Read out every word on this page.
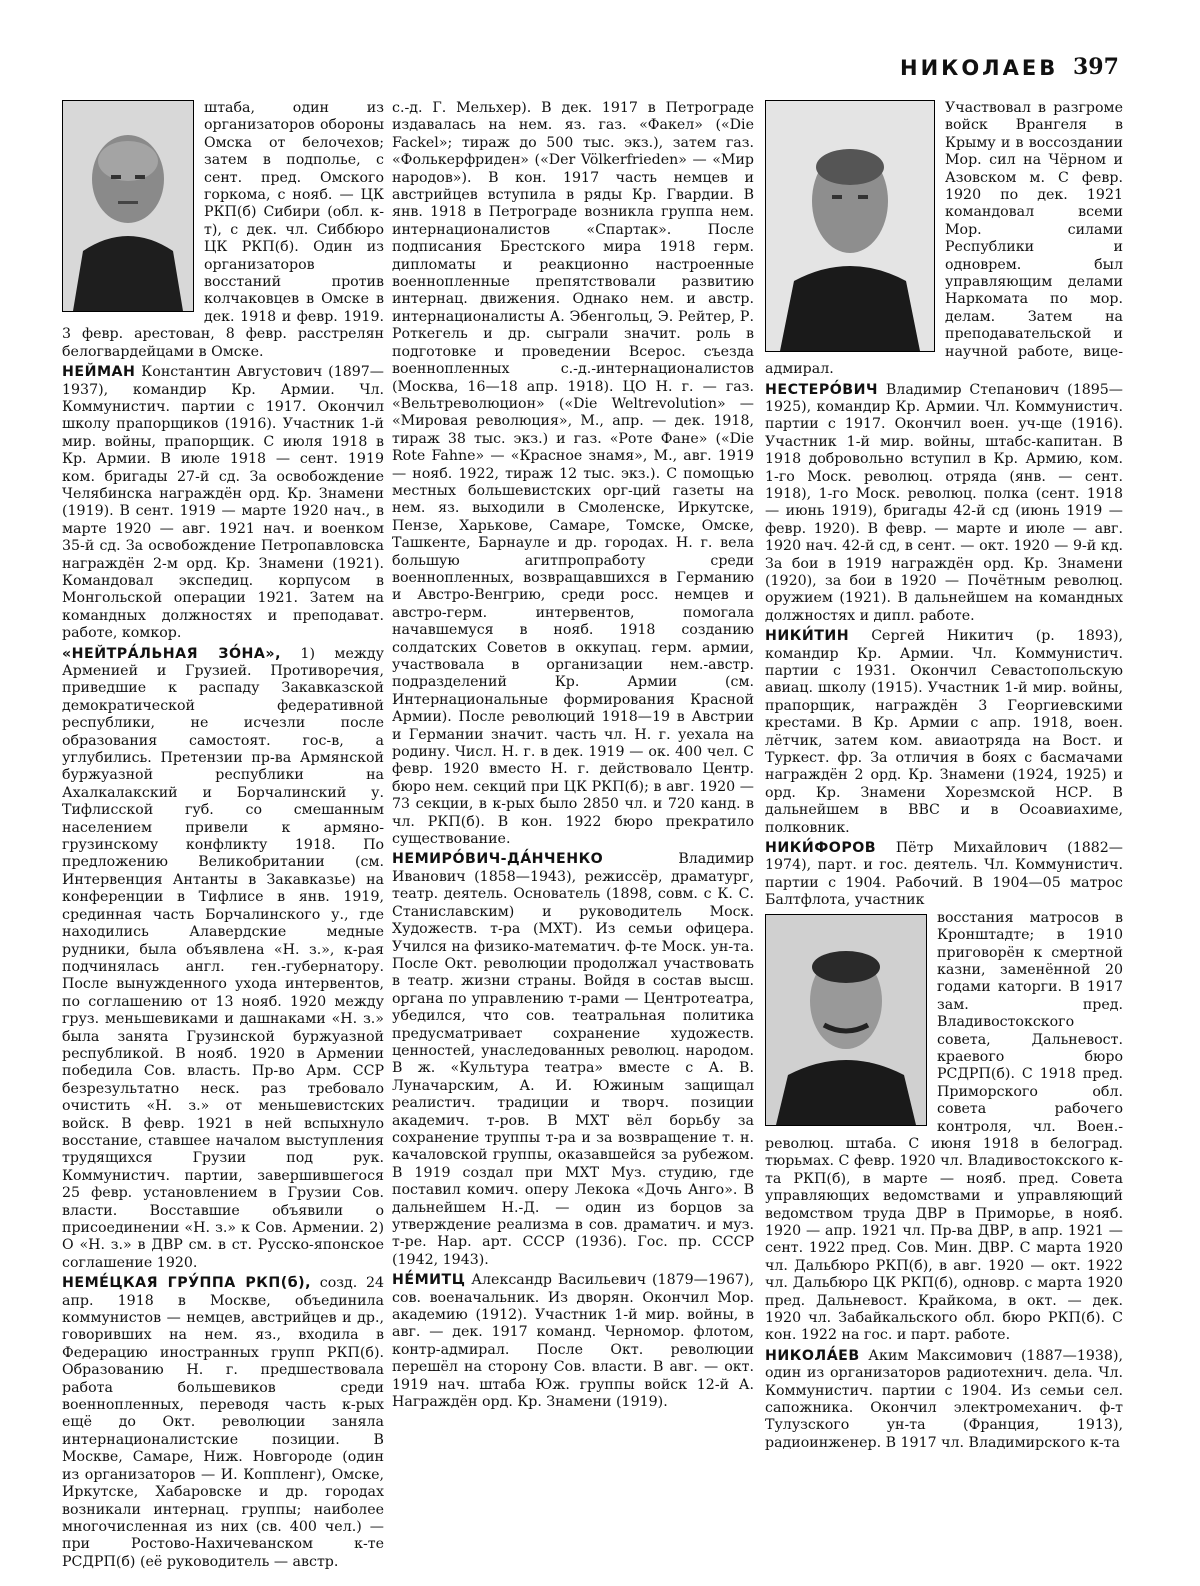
НИКОЛАЕВ 397

штаба, один из организаторов обороны Омска от белочехов; затем в подполье, с сент. пред. Омского горкома, с нояб. — ЦК РКП(б) Сибири (обл. к-т), с дек. чл. Сиббюро ЦК РКП(б). Один из организаторов восстаний против колчаковцев в Омске в дек. 1918 и февр. 1919. 3 февр. арестован, 8 февр. расстрелян белогвардейцами в Омске.

НЕЙМАН Константин Августович (1897—1937), командир Кр. Армии. Чл. Коммунистич. партии с 1917. Окончил школу прапорщиков (1916). Участник 1-й мир. войны, прапорщик. С июля 1918 в Кр. Армии. В июле 1918 — сент. 1919 ком. бригады 27-й сд. За освобождение Челябинска награждён орд. Кр. Знамени (1919). В сент. 1919 — марте 1920 нач., в марте 1920 — авг. 1921 нач. и военком 35-й сд. За освобождение Петропавловска награждён 2-м орд. Кр. Знамени (1921). Командовал экспедиц. корпусом в Монгольской операции 1921. Затем на командных должностях и преподават. работе, комкор.

«НЕЙТРА́ЛЬНАЯ ЗО́НА», 1) между Арменией и Грузией. Противоречия, приведшие к распаду Закавказской демократической федеративной республики, не исчезли после образования самостоят. гос-в, а углубились. Претензии пр-ва Армянской буржуазной республики на Ахалкалакский и Борчалинский у. Тифлисской губ. со смешанным населением привели к армяно-грузинскому конфликту 1918. По предложению Великобритании (см. Интервенция Антанты в Закавказье) на конференции в Тифлисе в янв. 1919, срединная часть Борчалинского у., где находились Алавердские медные рудники, была объявлена «Н. з.», к-рая подчинялась англ. ген.-губернатору. После вынужденного ухода интервентов, по соглашению от 13 нояб. 1920 между груз. меньшевиками и дашнаками «Н. з.» была занята Грузинской буржуазной республикой. В нояб. 1920 в Армении победила Сов. власть. Пр-во Арм. ССР безрезультатно неск. раз требовало очистить «Н. з.» от меньшевистских войск. В февр. 1921 в ней вспыхнуло восстание, ставшее началом выступления трудящихся Грузии под рук. Коммунистич. партии, завершившегося 25 февр. установлением в Грузии Сов. власти. Восставшие объявили о присоединении «Н. з.» к Сов. Армении. 2) О «Н. з.» в ДВР см. в ст. Русско-японское соглашение 1920.

НЕМЕ́ЦКАЯ ГРУ́ППА РКП(б), созд. 24 апр. 1918 в Москве, объединила коммунистов — немцев, австрийцев и др., говоривших на нем. яз., входила в Федерацию иностранных групп РКП(б). Образованию Н. г. предшествовала работа большевиков среди военнопленных, переводя часть к-рых ещё до Окт. революции заняла интернационалистские позиции. В Москве, Самаре, Ниж. Новгороде (один из организаторов — И. Коппленг), Омске, Иркутске, Хабаровске и др. городах возникали интернац. группы; наиболее многочисленная из них (св. 400 чел.) — при Ростово-Нахичеванском к-те РСДРП(б) (её руководитель — австр.

с.-д. Г. Мельхер). В дек. 1917 в Петрограде издавалась на нем. яз. газ. «Факел» («Die Fackel»; тираж до 500 тыс. экз.), затем газ. «Фолькерфриден» («Der Völkerfrieden» — «Мир народов»). В кон. 1917 часть немцев и австрийцев вступила в ряды Кр. Гвардии. В янв. 1918 в Петрограде возникла группа нем. интернационалистов «Спартак». После подписания Брестского мира 1918 герм. дипломаты и реакционно настроенные военнопленные препятствовали развитию интернац. движения. Однако нем. и австр. интернационалисты А. Эбенгольц, Э. Рейтер, Р. Роткегель и др. сыграли значит. роль в подготовке и проведении Всерос. съезда военнопленных с.-д.-интернационалистов (Москва, 16—18 апр. 1918). ЦО Н. г. — газ. «Вельтреволюцион» («Die Weltrevolution» — «Мировая революция», М., апр. — дек. 1918, тираж 38 тыс. экз.) и газ. «Роте Фане» («Die Rote Fahne» — «Красное знамя», М., авг. 1919 — нояб. 1922, тираж 12 тыс. экз.). С помощью местных большевистских орг-ций газеты на нем. яз. выходили в Смоленске, Иркутске, Пензе, Харькове, Самаре, Томске, Омске, Ташкенте, Барнауле и др. городах. Н. г. вела большую агитпропработу среди военнопленных, возвращавшихся в Германию и Австро-Венгрию, среди росс. немцев и австро-герм. интервентов, помогала начавшемуся в нояб. 1918 созданию солдатских Советов в оккупац. герм. армии, участвовала в организации нем.-австр. подразделений Кр. Армии (см. Интернациональные формирования Красной Армии). После революций 1918—19 в Австрии и Германии значит. часть чл. Н. г. уехала на родину. Числ. Н. г. в дек. 1919 — ок. 400 чел. С февр. 1920 вместо Н. г. действовало Центр. бюро нем. секций при ЦК РКП(б); в авг. 1920 — 73 секции, в к-рых было 2850 чл. и 720 канд. в чл. РКП(б). В кон. 1922 бюро прекратило существование.

НЕМИРО́ВИЧ-ДА́НЧЕНКО	Владимир Иванович (1858—1943), режиссёр, драматург, театр. деятель. Основатель (1898, совм. с К. С. Станиславским) и руководитель Моск. Художеств. т-ра (МХТ). Из семьи офицера. Учился на физико-математич. ф-те Моск. ун-та. После Окт. революции продолжал участвовать в театр. жизни страны. Войдя в состав высш. органа по управлению т-рами — Центротеатра, убедился, что сов. театральная политика предусматривает сохранение художеств. ценностей, унаследованных революц. народом. В ж. «Культура театра» вместе с А. В. Луначарским, А. И. Южиным защищал реалистич. традиции и творч. позиции академич. т-ров. В МХТ вёл борьбу за сохранение труппы т-ра и за возвращение т. н. качаловской группы, оказавшейся за рубежом. В 1919 создал при МХТ Муз. студию, где поставил комич. оперу Лекока «Дочь Анго». В дальнейшем Н.-Д. — один из борцов за утверждение реализма в сов. драматич. и муз. т-ре. Нар. арт. СССР (1936). Гос. пр. СССР (1942, 1943).

НЕ́МИТЦ Александр Васильевич (1879—1967), сов. военачальник. Из дворян. Окончил Мор. академию (1912). Участник 1-й мир. войны, в авг. — дек. 1917 команд. Черномор. флотом, контр-адмирал. После Окт. революции перешёл на сторону Сов. власти. В авг. — окт. 1919 нач. штаба Юж. группы войск 12-й А. Награждён орд. Кр. Знамени (1919).

Участвовал в разгроме войск Врангеля в Крыму и в воссоздании Мор. сил на Чёрном и Азовском м. С февр. 1920 по дек. 1921 командовал всеми Мор. силами Республики и одноврем. был управляющим делами Наркомата по мор. делам. Затем на преподавательской и научной работе, вице-адмирал.

НЕСТЕРО́ВИЧ Владимир Степанович (1895—1925), командир Кр. Армии. Чл. Коммунистич. партии с 1917. Окончил воен. уч-ще (1916). Участник 1-й мир. войны, штабс-капитан. В 1918 добровольно вступил в Кр. Армию, ком. 1-го Моск. революц. отряда (янв. — сент. 1918), 1-го Моск. революц. полка (сент. 1918 — июнь 1919), бригады 42-й сд (июнь 1919 — февр. 1920). В февр. — марте и июле — авг. 1920 нач. 42-й сд, в сент. — окт. 1920 — 9-й кд. За бои в 1919 награждён орд. Кр. Знамени (1920), за бои в 1920 — Почётным революц. оружием (1921). В дальнейшем на командных должностях и дипл. работе.

НИКИ́ТИН Сергей Никитич (р. 1893), командир Кр. Армии. Чл. Коммунистич. партии с 1931. Окончил Севастопольскую авиац. школу (1915). Участник 1-й мир. войны, прапорщик, награждён 3 Георгиевскими крестами. В Кр. Армии с апр. 1918, воен. лётчик, затем ком. авиаотряда на Вост. и Туркест. фр. За отличия в боях с басмачами награждён 2 орд. Кр. Знамени (1924, 1925) и орд. Кр. Знамени Хорезмской НСР. В дальнейшем в ВВС и в Осоавиахиме, полковник.

НИКИ́ФОРОВ Пётр Михайлович (1882—1974), парт. и гос. деятель. Чл. Коммунистич. партии с 1904. Рабочий. В 1904—05 матрос Балтфлота, участник

восстания матросов в Кронштадте; в 1910 приговорён к смертной казни, заменённой 20 годами каторги. В 1917 зам. пред. Владивостокского совета, Дальневост. краевого бюро РСДРП(б). С 1918 пред. Приморского обл. совета рабочего контроля, чл. Воен.-революц. штаба. С июня 1918 в белоград. тюрьмах. С февр. 1920 чл. Владивостокского к-та РКП(б), в марте — нояб. пред. Совета управляющих ведомствами и управляющий ведомством труда ДВР в Приморье, в нояб. 1920 — апр. 1921 чл. Пр-ва ДВР, в апр. 1921 — сент. 1922 пред. Сов. Мин. ДВР. С марта 1920 чл. Дальбюро РКП(б), в авг. 1920 — окт. 1922 чл. Дальбюро ЦК РКП(б), одновр. с марта 1920 пред. Дальневост. Крайкома, в окт. — дек. 1920 чл. Забайкальского обл. бюро РКП(б). С кон. 1922 на гос. и парт. работе.

НИКОЛА́ЕВ Аким Максимович (1887—1938), один из организаторов радиотехнич. дела. Чл. Коммунистич. партии с 1904. Из семьи сел. сапожника. Окончил электромеханич. ф-т Тулузского ун-та (Франция, 1913), радиоинженер. В 1917 чл. Владимирского к-та
